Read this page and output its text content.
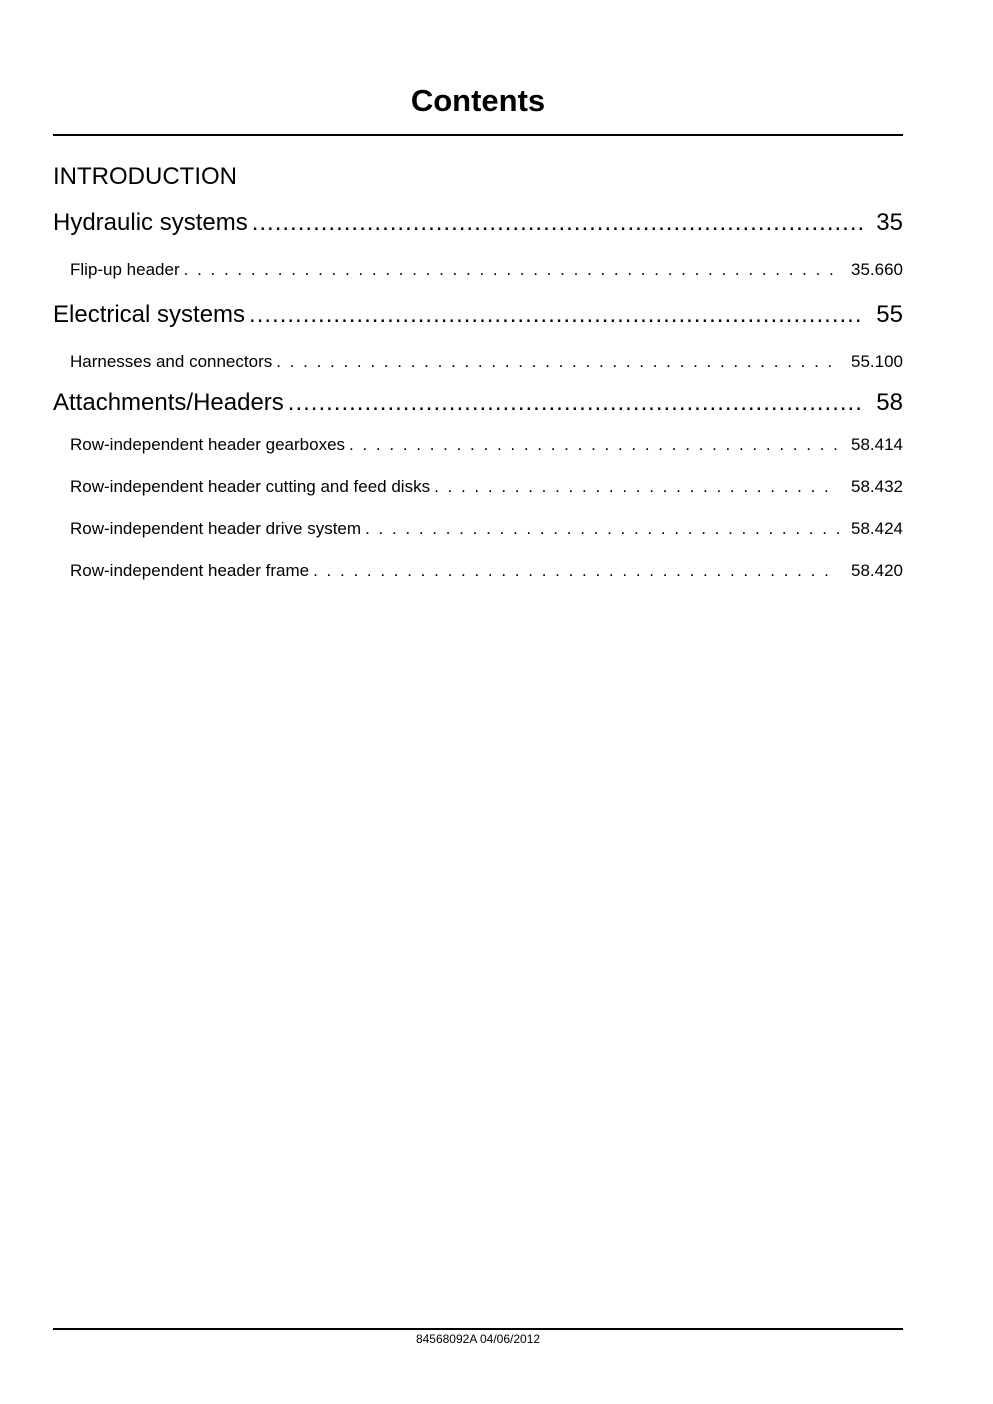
Contents
INTRODUCTION
Hydraulic systems .....	35
Flip-up header . . .	35.660
Electrical systems .....	55
Harnesses and connectors . . .	55.100
Attachments/Headers .....	58
Row-independent header gearboxes . . .	58.414
Row-independent header cutting and feed disks . . .	58.432
Row-independent header drive system . . .	58.424
Row-independent header frame . . .	58.420
84568092A 04/06/2012
